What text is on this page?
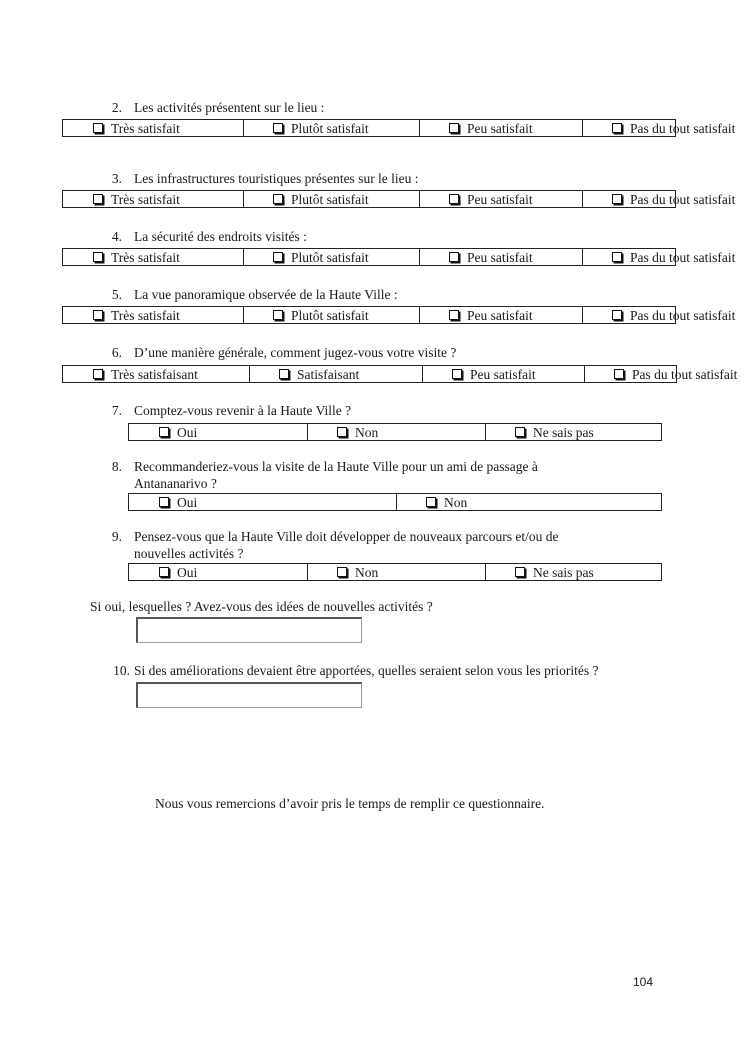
2. Les activités présentent sur le lieu :
Très satisfait	Plutôt satisfait	Peu satisfait	Pas du tout satisfait
3. Les infrastructures touristiques présentes sur le lieu :
Très satisfait	Plutôt satisfait	Peu satisfait	Pas du tout satisfait
4. La sécurité des endroits visités :
Très satisfait	Plutôt satisfait	Peu satisfait	Pas du tout satisfait
5. La vue panoramique observée de la Haute Ville :
Très satisfait	Plutôt satisfait	Peu satisfait	Pas du tout satisfait
6. D’une manière générale, comment jugez-vous votre visite ?
Très satisfaisant	Satisfaisant	Peu satisfait	Pas du tout satisfait
7. Comptez-vous revenir à la Haute Ville ?
Oui	Non	Ne sais pas
8. Recommanderiez-vous la visite de la Haute Ville pour un ami de passage à
Antananarivo ?
Oui	Non
9. Pensez-vous que la Haute Ville doit développer de nouveaux parcours et/ou de
nouvelles activités ?
Oui	Non	Ne sais pas
Si oui, lesquelles ? Avez-vous des idées de nouvelles activités ?
10. Si des améliorations devaient être apportées, quelles seraient selon vous les priorités ?
Nous vous remercions d’avoir pris le temps de remplir ce questionnaire.
104
